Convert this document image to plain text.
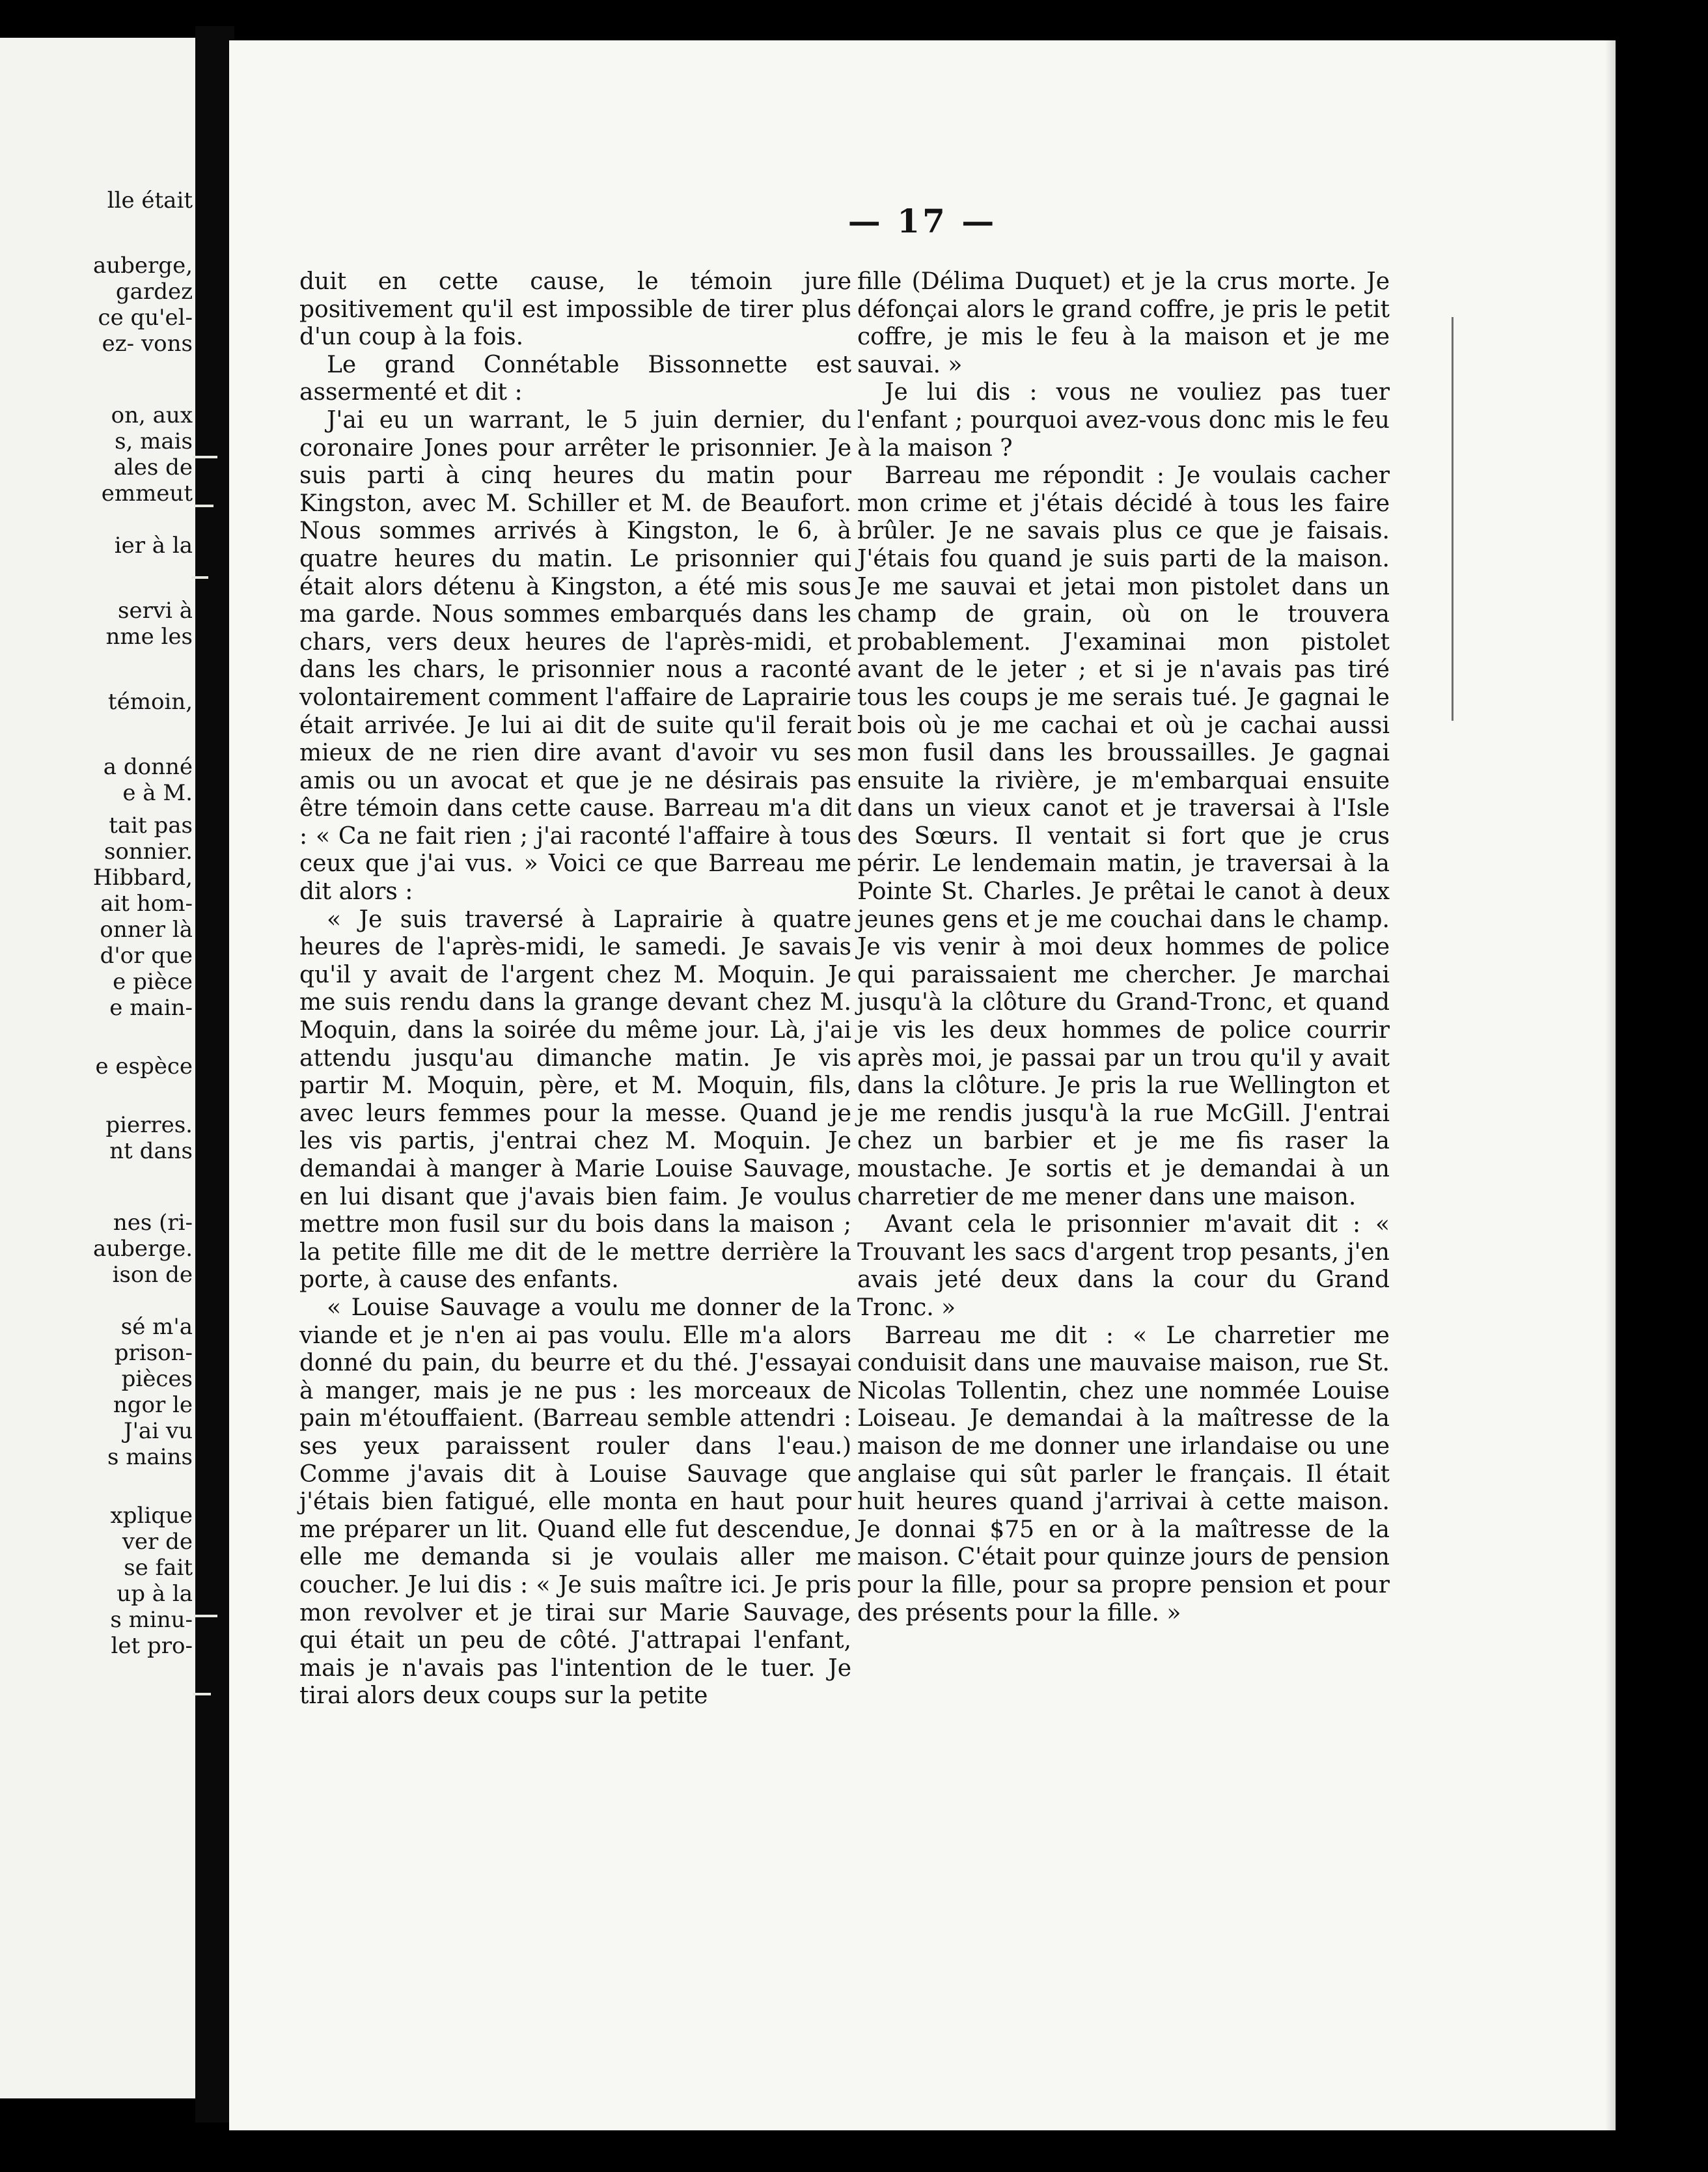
lle était
auberge,
gardez
ce qu'el-
ez- vons
on, aux
s, mais
ales de
emmeut
ier à la
servi à
nme les
témoin,
a donné
e à M.
tait pas
sonnier.
Hibbard,
ait hom-
onner là
d'or que
e pièce
e main-
e espèce
pierres.
nt dans
nes (ri-
auberge.
ison de
sé m'a
prison-
pièces
ngor le
J'ai vu
s mains
xplique
ver de
se fait
up à la
s minu-
let pro-
— 17 —

duit en cette cause, le témoin jure positivement qu'il est impossible de tirer plus d'un coup à la fois.

Le grand Connétable Bissonnette est assermenté et dit :

J'ai eu un warrant, le 5 juin dernier, du coronaire Jones pour arrêter le prisonnier. Je suis parti à cinq heures du matin pour Kingston, avec M. Schiller et M. de Beaufort. Nous sommes arrivés à Kingston, le 6, à quatre heures du matin. Le prisonnier qui était alors détenu à Kingston, a été mis sous ma garde. Nous sommes embarqués dans les chars, vers deux heures de l'après-midi, et dans les chars, le prisonnier nous a raconté volontairement comment l'affaire de Laprairie était arrivée. Je lui ai dit de suite qu'il ferait mieux de ne rien dire avant d'avoir vu ses amis ou un avocat et que je ne désirais pas être témoin dans cette cause. Barreau m'a dit : « Ca ne fait rien ; j'ai raconté l'affaire à tous ceux que j'ai vus. » Voici ce que Barreau me dit alors :

« Je suis traversé à Laprairie à quatre heures de l'après-midi, le samedi. Je savais qu'il y avait de l'argent chez M. Moquin. Je me suis rendu dans la grange devant chez M. Moquin, dans la soirée du même jour. Là, j'ai attendu jusqu'au dimanche matin. Je vis partir M. Moquin, père, et M. Moquin, fils, avec leurs femmes pour la messe. Quand je les vis partis, j'entrai chez M. Moquin. Je demandai à manger à Marie Louise Sauvage, en lui disant que j'avais bien faim. Je voulus mettre mon fusil sur du bois dans la maison ; la petite fille me dit de le mettre derrière la porte, à cause des enfants.

« Louise Sauvage a voulu me donner de la viande et je n'en ai pas voulu. Elle m'a alors donné du pain, du beurre et du thé. J'essayai à manger, mais je ne pus : les morceaux de pain m'étouffaient. (Barreau semble attendri : ses yeux paraissent rouler dans l'eau.) Comme j'avais dit à Louise Sauvage que j'étais bien fatigué, elle monta en haut pour me préparer un lit. Quand elle fut descendue, elle me demanda si je voulais aller me coucher. Je lui dis : « Je suis maître ici. Je pris mon revolver et je tirai sur Marie Sauvage, qui était un peu de côté. J'attrapai l'enfant, mais je n'avais pas l'intention de le tuer. Je tirai alors deux coups sur la petite

fille (Délima Duquet) et je la crus morte. Je défonçai alors le grand coffre, je pris le petit coffre, je mis le feu à la maison et je me sauvai. »

Je lui dis : vous ne vouliez pas tuer l'enfant ; pourquoi avez-vous donc mis le feu à la maison ?

Barreau me répondit : Je voulais cacher mon crime et j'étais décidé à tous les faire brûler. Je ne savais plus ce que je faisais. J'étais fou quand je suis parti de la maison. Je me sauvai et jetai mon pistolet dans un champ de grain, où on le trouvera probablement. J'examinai mon pistolet avant de le jeter ; et si je n'avais pas tiré tous les coups je me serais tué. Je gagnai le bois où je me cachai et où je cachai aussi mon fusil dans les broussailles. Je gagnai ensuite la rivière, je m'embarquai ensuite dans un vieux canot et je traversai à l'Isle des Sœurs. Il ventait si fort que je crus périr. Le lendemain matin, je traversai à la Pointe St. Charles. Je prêtai le canot à deux jeunes gens et je me couchai dans le champ. Je vis venir à moi deux hommes de police qui paraissaient me chercher. Je marchai jusqu'à la clôture du Grand-Tronc, et quand je vis les deux hommes de police courrir après moi, je passai par un trou qu'il y avait dans la clôture. Je pris la rue Wellington et je me rendis jusqu'à la rue McGill. J'entrai chez un barbier et je me fis raser la moustache. Je sortis et je demandai à un charretier de me mener dans une maison.

Avant cela le prisonnier m'avait dit : « Trouvant les sacs d'argent trop pesants, j'en avais jeté deux dans la cour du Grand Tronc. »

Barreau me dit : « Le charretier me conduisit dans une mauvaise maison, rue St. Nicolas Tollentin, chez une nommée Louise Loiseau. Je demandai à la maîtresse de la maison de me donner une irlandaise ou une anglaise qui sût parler le français. Il était huit heures quand j'arrivai à cette maison. Je donnai $75 en or à la maîtresse de la maison. C'était pour quinze jours de pension pour la fille, pour sa propre pension et pour des présents pour la fille. »
